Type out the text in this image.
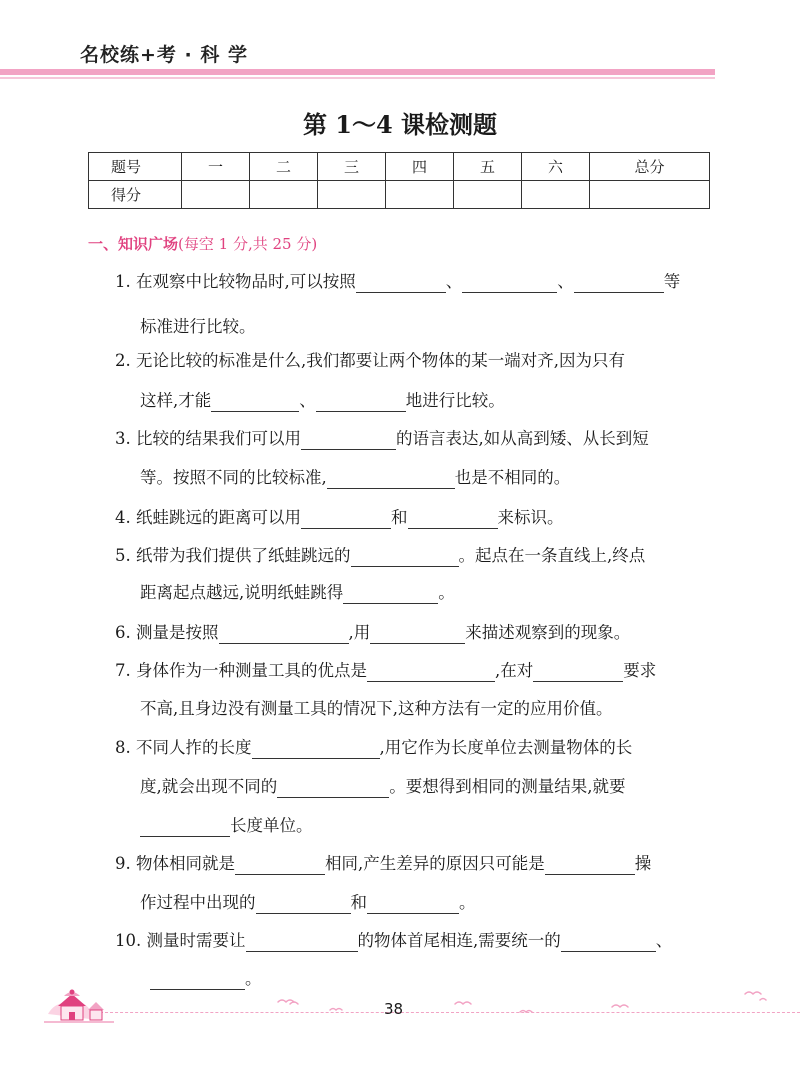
名校练+考 · 科 学
第 1～4 课检测题
题号	一	二	三	四	五	六	总分
得分							
一、知识广场(每空 1 分,共 25 分)
1. 在观察中比较物品时,可以按照	、	、	等
标准进行比较。
2. 无论比较的标准是什么,我们都要让两个物体的某一端对齐,因为只有
这样,才能	、	地进行比较。
3. 比较的结果我们可以用	的语言表达,如从高到矮、从长到短
等。按照不同的比较标准,	也是不相同的。
4. 纸蛙跳远的距离可以用	和	来标识。
5. 纸带为我们提供了纸蛙跳远的	。起点在一条直线上,终点
距离起点越远,说明纸蛙跳得	。
6. 测量是按照	,用	来描述观察到的现象。
7. 身体作为一种测量工具的优点是	,在对	要求
不高,且身边没有测量工具的情况下,这种方法有一定的应用价值。
8. 不同人拃的长度	,用它作为长度单位去测量物体的长
度,就会出现不同的	。要想得到相同的测量结果,就要
长度单位。
9. 物体相同就是	相同,产生差异的原因只可能是	操
作过程中出现的	和	。
10. 测量时需要让	的物体首尾相连,需要统一的	、
。
38
